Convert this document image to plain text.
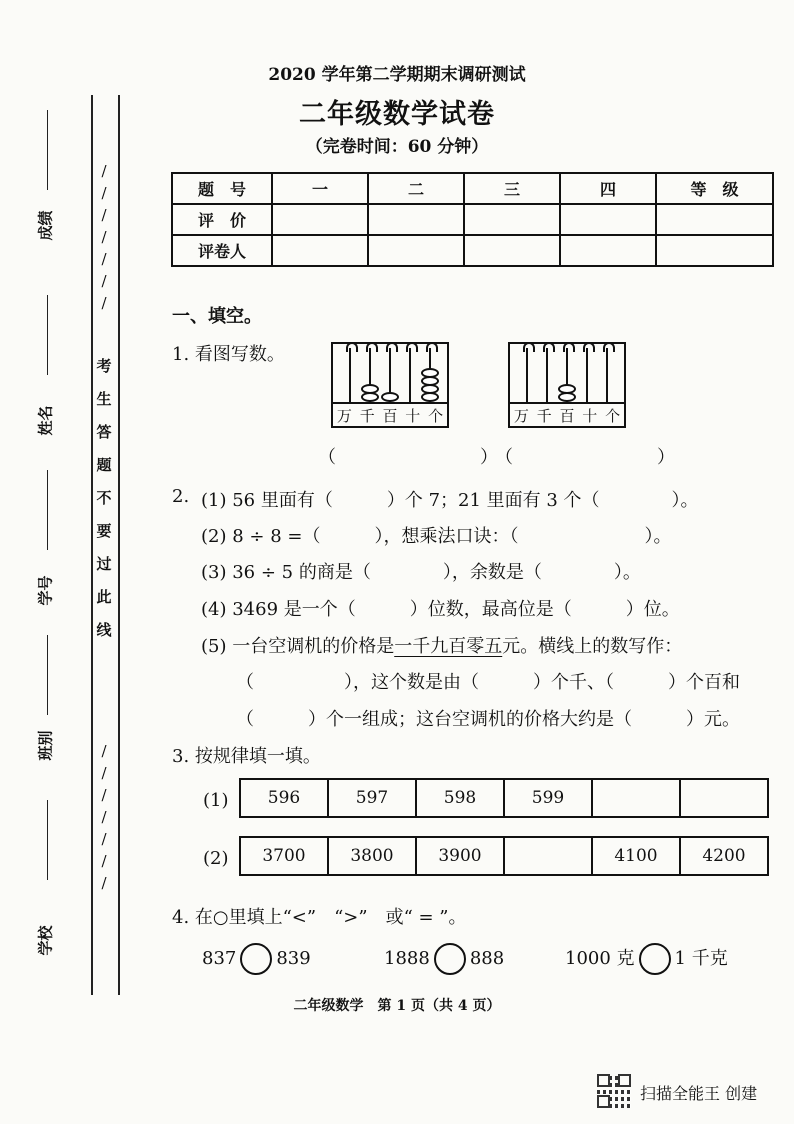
成绩
姓名
学号
班别
学校
/
/
/
/
/
/
/
考
生
答
题
不
要
过
此
线
/
/
/
/
/
/
/
2020 学年第二学期期末调研测试
二年级数学试卷
（完卷时间：60 分钟）
题　号	一	二	三	四	等　级
评　价					
评卷人					
一、填空。
1. 看图写数。
万 千 百 十 个	万 千 百 十 个
（　　　　　　　　）
（　　　　　　　　）
2. (1) 56 里面有（　　　）个 7；21 里面有 3 个（　　　　）。
(2) 8 ÷ 8 =（　　　），想乘法口诀：（　　　　　　　）。
(3) 36 ÷ 5 的商是（　　　　），余数是（　　　　）。
(4) 3469 是一个（　　　）位数，最高位是（　　　）位。
(5) 一台空调机的价格是一千九百零五元。横线上的数写作：
（　　　　　），这个数是由（　　　）个千、（　　　）个百和
（　　　）个一组成；这台空调机的价格大约是（　　　）元。
3. 按规律填一填。
(1) 596	597	598	599		
(2) 3700	3800	3900		4100	4200
4. 在○里填上“<”　“>”　或“ = ”。
837 839	1888 888	1000 克 1 千克
二年级数学　第 1 页（共 4 页）
扫描全能王 创建
